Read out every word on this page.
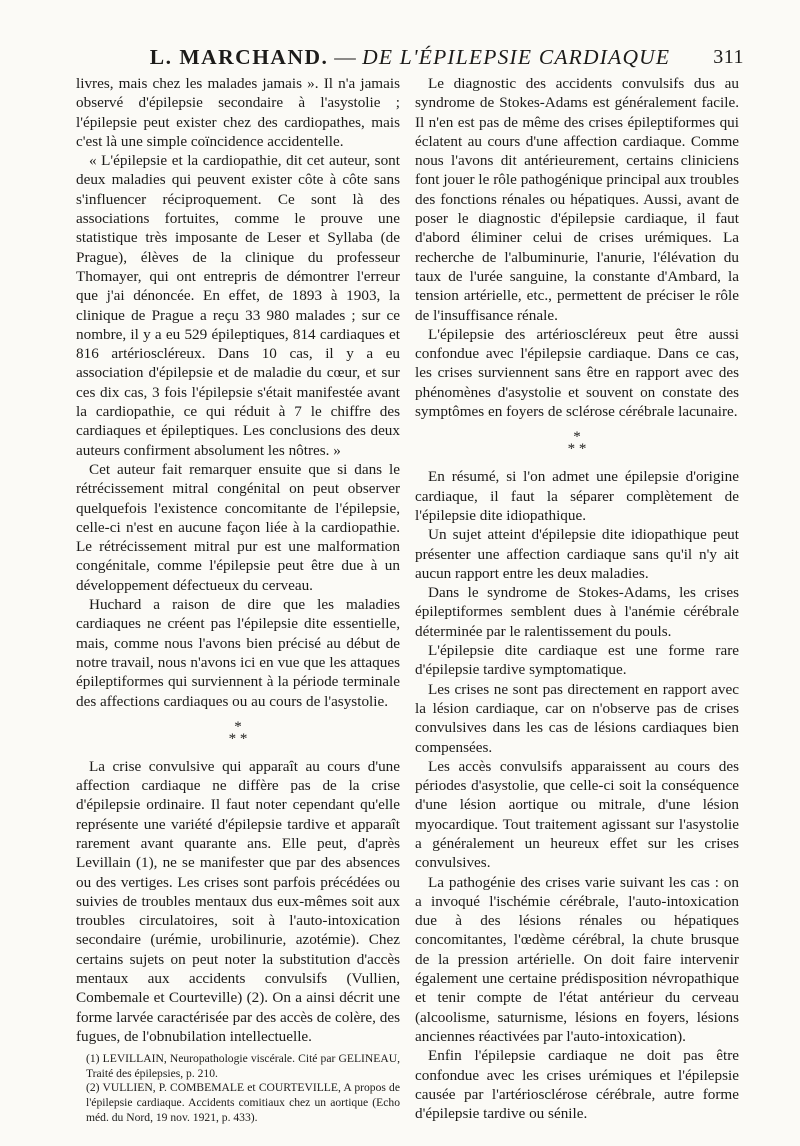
L. MARCHAND. — DE L'ÉPILEPSIE CARDIAQUE 311

livres, mais chez les malades jamais ». Il n'a jamais observé d'épilepsie secondaire à l'asystolie ; l'épilepsie peut exister chez des cardiopathes, mais c'est là une simple coïncidence accidentelle.

« L'épilepsie et la cardiopathie, dit cet auteur, sont deux maladies qui peuvent exister côte à côte sans s'influencer réciproquement. Ce sont là des associations fortuites, comme le prouve une statistique très imposante de Leser et Syllaba (de Prague), élèves de la clinique du professeur Thomayer, qui ont entrepris de démontrer l'erreur que j'ai dénoncée. En effet, de 1893 à 1903, la clinique de Prague a reçu 33 980 malades ; sur ce nombre, il y a eu 529 épileptiques, 814 cardiaques et 816 artérioscléreux. Dans 10 cas, il y a eu association d'épilepsie et de maladie du cœur, et sur ces dix cas, 3 fois l'épilepsie s'était manifestée avant la cardiopathie, ce qui réduit à 7 le chiffre des cardiaques et épileptiques. Les conclusions des deux auteurs confirment absolument les nôtres. »

Cet auteur fait remarquer ensuite que si dans le rétrécissement mitral congénital on peut observer quelquefois l'existence concomitante de l'épilepsie, celle-ci n'est en aucune façon liée à la cardiopathie. Le rétrécissement mitral pur est une malformation congénitale, comme l'épilepsie peut être due à un développement défectueux du cerveau.

Huchard a raison de dire que les maladies cardiaques ne créent pas l'épilepsie dite essentielle, mais, comme nous l'avons bien précisé au début de notre travail, nous n'avons ici en vue que les attaques épileptiformes qui surviennent à la période terminale des affections cardiaques ou au cours de l'asystolie.

*
* *

La crise convulsive qui apparaît au cours d'une affection cardiaque ne diffère pas de la crise d'épilepsie ordinaire. Il faut noter cependant qu'elle représente une variété d'épilepsie tardive et apparaît rarement avant quarante ans. Elle peut, d'après Levillain (1), ne se manifester que par des absences ou des vertiges. Les crises sont parfois précédées ou suivies de troubles mentaux dus eux-mêmes soit aux troubles circulatoires, soit à l'auto-intoxication secondaire (urémie, urobilinurie, azotémie). Chez certains sujets on peut noter la substitution d'accès mentaux aux accidents convulsifs (Vullien, Combemale et Courteville) (2). On a ainsi décrit une forme larvée caractérisée par des accès de colère, des fugues, de l'obnubilation intellectuelle.

(1) LEVILLAIN, Neuropathologie viscérale. Cité par GELINEAU, Traité des épilepsies, p. 210.

(2) VULLIEN, P. COMBEMALE et COURTEVILLE, A propos de l'épilepsie cardiaque. Accidents comitiaux chez un aortique (Echo méd. du Nord, 19 nov. 1921, p. 433).

Le diagnostic des accidents convulsifs dus au syndrome de Stokes-Adams est généralement facile. Il n'en est pas de même des crises épileptiformes qui éclatent au cours d'une affection cardiaque. Comme nous l'avons dit antérieurement, certains cliniciens font jouer le rôle pathogénique principal aux troubles des fonctions rénales ou hépatiques. Aussi, avant de poser le diagnostic d'épilepsie cardiaque, il faut d'abord éliminer celui de crises urémiques. La recherche de l'albuminurie, l'anurie, l'élévation du taux de l'urée sanguine, la constante d'Ambard, la tension artérielle, etc., permettent de préciser le rôle de l'insuffisance rénale.

L'épilepsie des artérioscléreux peut être aussi confondue avec l'épilepsie cardiaque. Dans ce cas, les crises surviennent sans être en rapport avec des phénomènes d'asystolie et souvent on constate des symptômes en foyers de sclérose cérébrale lacunaire.

*
* *

En résumé, si l'on admet une épilepsie d'origine cardiaque, il faut la séparer complètement de l'épilepsie dite idiopathique.

Un sujet atteint d'épilepsie dite idiopathique peut présenter une affection cardiaque sans qu'il n'y ait aucun rapport entre les deux maladies.

Dans le syndrome de Stokes-Adams, les crises épileptiformes semblent dues à l'anémie cérébrale déterminée par le ralentissement du pouls.

L'épilepsie dite cardiaque est une forme rare d'épilepsie tardive symptomatique.

Les crises ne sont pas directement en rapport avec la lésion cardiaque, car on n'observe pas de crises convulsives dans les cas de lésions cardiaques bien compensées.

Les accès convulsifs apparaissent au cours des périodes d'asystolie, que celle-ci soit la conséquence d'une lésion aortique ou mitrale, d'une lésion myocardique. Tout traitement agissant sur l'asystolie a généralement un heureux effet sur les crises convulsives.

La pathogénie des crises varie suivant les cas : on a invoqué l'ischémie cérébrale, l'auto-intoxication due à des lésions rénales ou hépatiques concomitantes, l'œdème cérébral, la chute brusque de la pression artérielle. On doit faire intervenir également une certaine prédisposition névropathique et tenir compte de l'état antérieur du cerveau (alcoolisme, saturnisme, lésions en foyers, lésions anciennes réactivées par l'auto-intoxication).

Enfin l'épilepsie cardiaque ne doit pas être confondue avec les crises urémiques et l'épilepsie causée par l'artériosclérose cérébrale, autre forme d'épilepsie tardive ou sénile.
